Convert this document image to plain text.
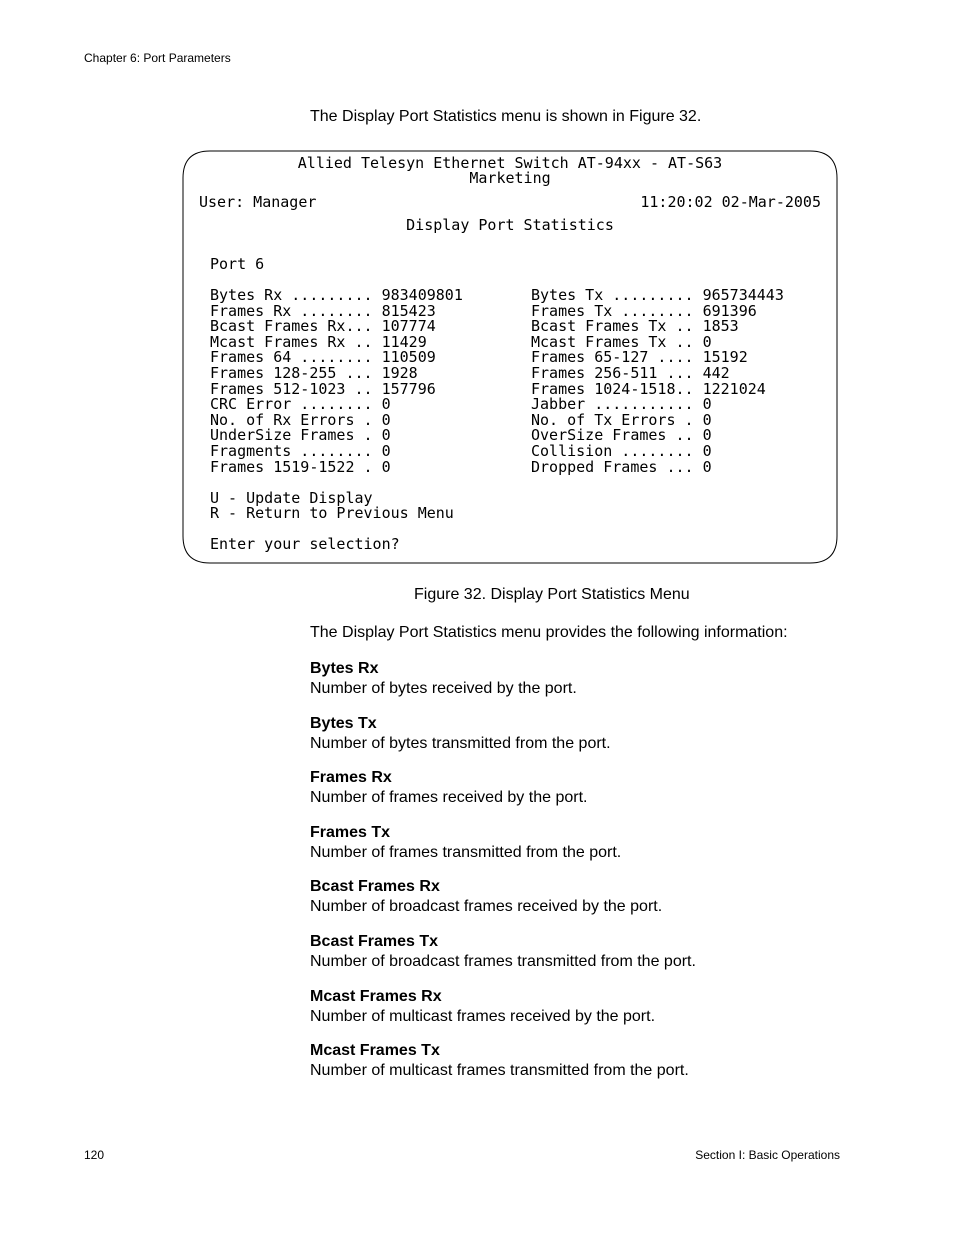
Chapter 6: Port Parameters
The Display Port Statistics menu is shown in Figure 32.
Allied Telesyn Ethernet Switch AT-94xx - AT-S63
Marketing
User: Manager	11:20:02 02-Mar-2005
Display Port Statistics
Port 6
Bytes Rx ......... 983409801
Frames Rx ........ 815423
Bcast Frames Rx... 107774
Mcast Frames Rx .. 11429
Frames 64 ........ 110509
Frames 128-255 ... 1928
Frames 512-1023 .. 157796
CRC Error ........ 0
No. of Rx Errors . 0
UnderSize Frames . 0
Fragments ........ 0
Frames 1519-1522 . 0
Bytes Tx ......... 965734443
Frames Tx ........ 691396
Bcast Frames Tx .. 1853
Mcast Frames Tx .. 0
Frames 65-127 .... 15192
Frames 256-511 ... 442
Frames 1024-1518.. 1221024
Jabber ........... 0
No. of Tx Errors . 0
OverSize Frames .. 0
Collision ........ 0
Dropped Frames ... 0
U - Update Display
R - Return to Previous Menu
Enter your selection?
Figure 32. Display Port Statistics Menu
The Display Port Statistics menu provides the following information:
Bytes Rx
Number of bytes received by the port.
Bytes Tx
Number of bytes transmitted from the port.
Frames Rx
Number of frames received by the port.
Frames Tx
Number of frames transmitted from the port.
Bcast Frames Rx
Number of broadcast frames received by the port.
Bcast Frames Tx
Number of broadcast frames transmitted from the port.
Mcast Frames Rx
Number of multicast frames received by the port.
Mcast Frames Tx
Number of multicast frames transmitted from the port.
120	Section I: Basic Operations
